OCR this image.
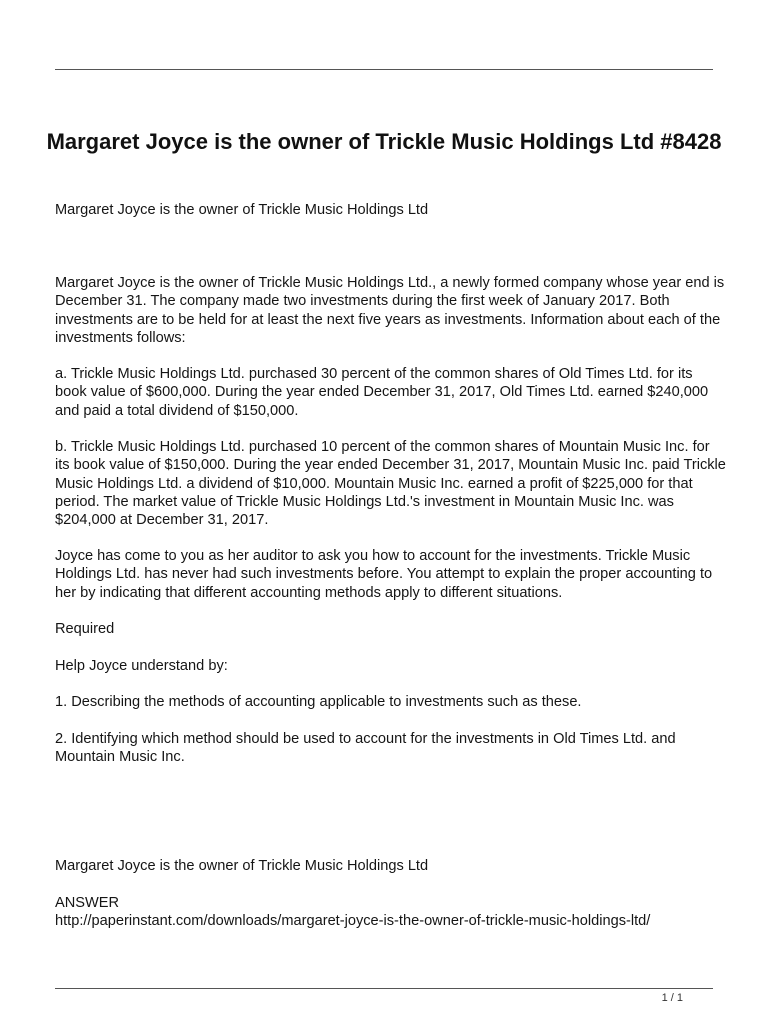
Margaret Joyce is the owner of Trickle Music Holdings Ltd #8428

Margaret Joyce is the owner of Trickle Music Holdings Ltd

Margaret Joyce is the owner of Trickle Music Holdings Ltd., a newly formed company whose year end is December 31. The company made two investments during the first week of January 2017. Both investments are to be held for at least the next five years as investments. Information about each of the investments follows:

a. Trickle Music Holdings Ltd. purchased 30 percent of the common shares of Old Times Ltd. for its book value of $600,000. During the year ended December 31, 2017, Old Times Ltd. earned $240,000 and paid a total dividend of $150,000.

b. Trickle Music Holdings Ltd. purchased 10 percent of the common shares of Mountain Music Inc. for its book value of $150,000. During the year ended December 31, 2017, Mountain Music Inc. paid Trickle Music Holdings Ltd. a dividend of $10,000. Mountain Music Inc. earned a profit of $225,000 for that period. The market value of Trickle Music Holdings Ltd.'s investment in Mountain Music Inc. was $204,000 at December 31, 2017.

Joyce has come to you as her auditor to ask you how to account for the investments. Trickle Music Holdings Ltd. has never had such investments before. You attempt to explain the proper accounting to her by indicating that different accounting methods apply to different situations.

Required

Help Joyce understand by:

1. Describing the methods of accounting applicable to investments such as these.

2. Identifying which method should be used to account for the investments in Old Times Ltd. and Mountain Music Inc.

Margaret Joyce is the owner of Trickle Music Holdings Ltd

ANSWER

http://paperinstant.com/downloads/margaret-joyce-is-the-owner-of-trickle-music-holdings-ltd/

1 / 1
